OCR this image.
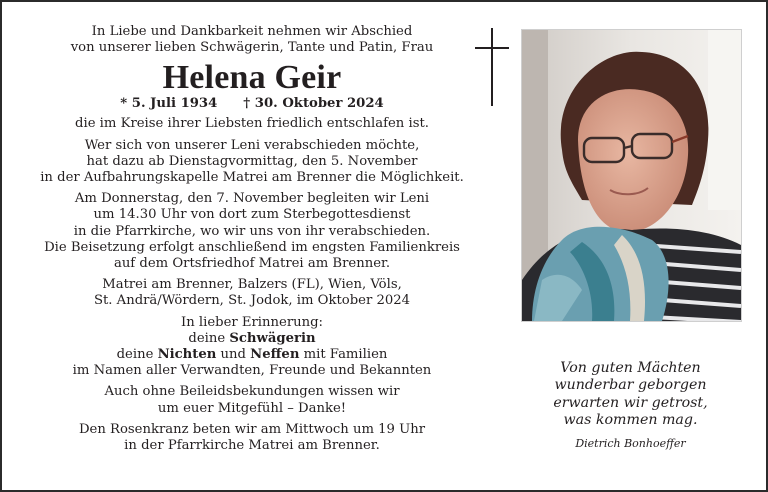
In Liebe und Dankbarkeit nehmen wir Abschied
von unserer lieben Schwägerin, Tante und Patin, Frau
Helena Geir
* 5. Juli 1934 † 30. Oktober 2024
die im Kreise ihrer Liebsten friedlich entschlafen ist.
Wer sich von unserer Leni verabschieden möchte,
hat dazu ab Dienstagvormittag, den 5. November
in der Aufbahrungskapelle Matrei am Brenner die Möglichkeit.
Am Donnerstag, den 7. November begleiten wir Leni
um 14.30 Uhr von dort zum Sterbegottesdienst
in die Pfarrkirche, wo wir uns von ihr verabschieden.
Die Beisetzung erfolgt anschließend im engsten Familienkreis
auf dem Ortsfriedhof Matrei am Brenner.
Matrei am Brenner, Balzers (FL), Wien, Völs,
St. Andrä/Wördern, St. Jodok, im Oktober 2024
In lieber Erinnerung:
deine Schwägerin
deine Nichten und Neffen mit Familien
im Namen aller Verwandten, Freunde und Bekannten
Auch ohne Beileidsbekundungen wissen wir
um euer Mitgefühl – Danke!
Den Rosenkranz beten wir am Mittwoch um 19 Uhr
in der Pfarrkirche Matrei am Brenner.
Von guten Mächten
wunderbar geborgen
erwarten wir getrost,
was kommen mag.
Dietrich Bonhoeffer
